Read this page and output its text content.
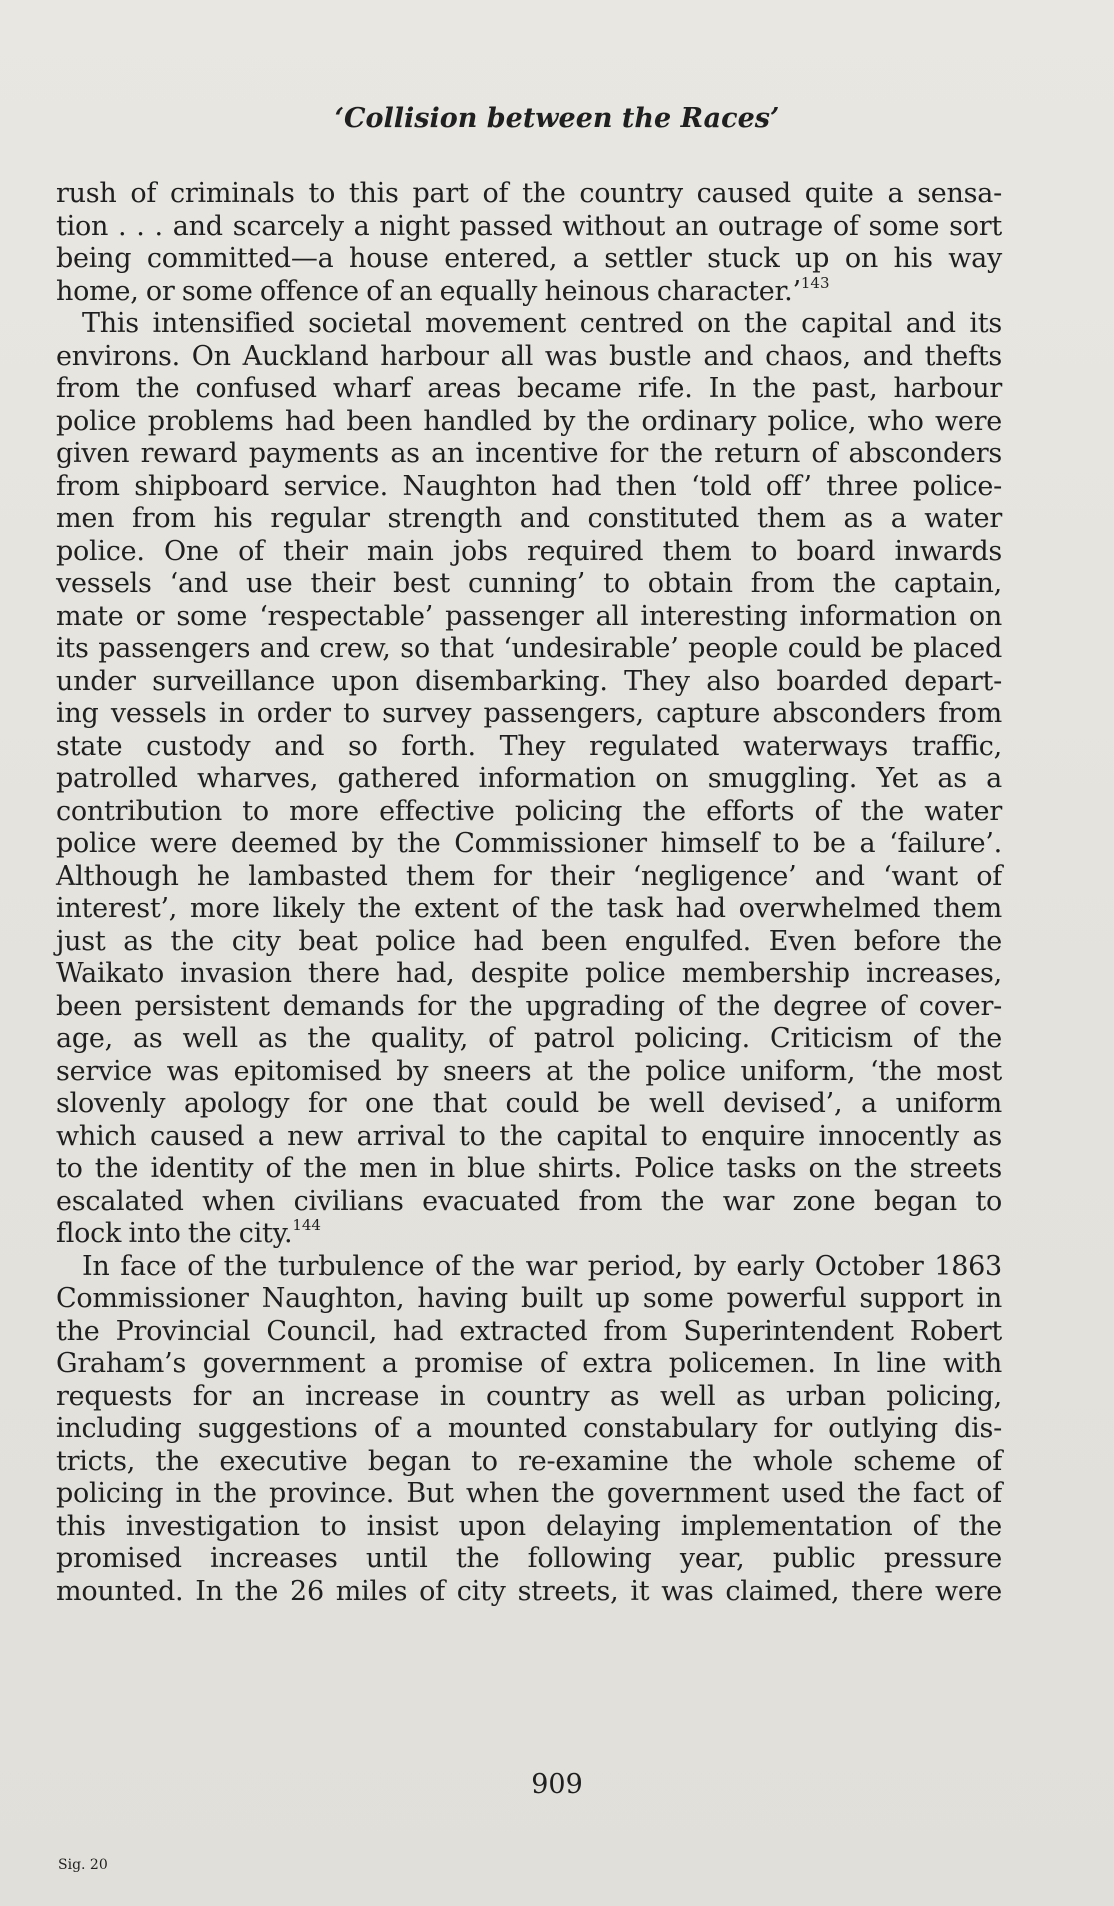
‘Collision between the Races’

rush of criminals to this part of the country caused quite a sensa-
tion . . . and scarcely a night passed without an outrage of some sort
being committed—a house entered, a settler stuck up on his way
home, or some offence of an equally heinous character.’$^{143}$

This intensified societal movement centred on the capital and its
environs. On Auckland harbour all was bustle and chaos, and thefts
from the confused wharf areas became rife. In the past, harbour
police problems had been handled by the ordinary police, who were
given reward payments as an incentive for the return of absconders
from shipboard service. Naughton had then ‘told off’ three police-
men from his regular strength and constituted them as a water
police. One of their main jobs required them to board inwards
vessels ‘and use their best cunning’ to obtain from the captain,
mate or some ‘respectable’ passenger all interesting information on
its passengers and crew, so that ‘undesirable’ people could be placed
under surveillance upon disembarking. They also boarded depart-
ing vessels in order to survey passengers, capture absconders from
state custody and so forth. They regulated waterways traffic,
patrolled wharves, gathered information on smuggling. Yet as a
contribution to more effective policing the efforts of the water
police were deemed by the Commissioner himself to be a ‘failure’.
Although he lambasted them for their ‘negligence’ and ‘want of
interest’, more likely the extent of the task had overwhelmed them
just as the city beat police had been engulfed. Even before the
Waikato invasion there had, despite police membership increases,
been persistent demands for the upgrading of the degree of cover-
age, as well as the quality, of patrol policing. Criticism of the
service was epitomised by sneers at the police uniform, ‘the most
slovenly apology for one that could be well devised’, a uniform
which caused a new arrival to the capital to enquire innocently as
to the identity of the men in blue shirts. Police tasks on the streets
escalated when civilians evacuated from the war zone began to
flock into the city.$^{144}$

In face of the turbulence of the war period, by early October 1863
Commissioner Naughton, having built up some powerful support in
the Provincial Council, had extracted from Superintendent Robert
Graham’s government a promise of extra policemen. In line with
requests for an increase in country as well as urban policing,
including suggestions of a mounted constabulary for outlying dis-
tricts, the executive began to re-examine the whole scheme of
policing in the province. But when the government used the fact of
this investigation to insist upon delaying implementation of the
promised increases until the following year, public pressure
mounted. In the 26 miles of city streets, it was claimed, there were

909
Sig. 20
